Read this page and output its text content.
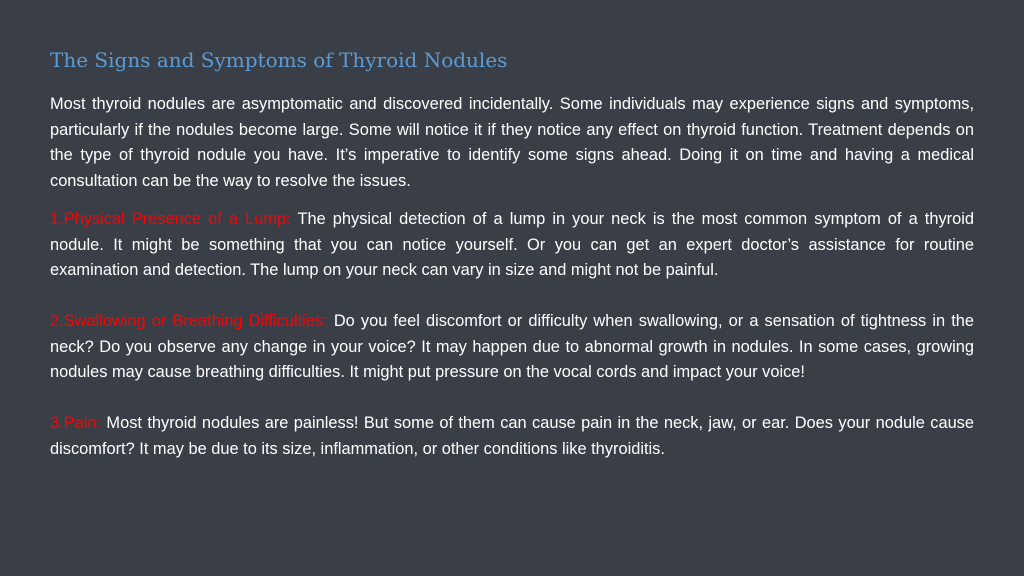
The Signs and Symptoms of Thyroid Nodules

Most thyroid nodules are asymptomatic and discovered incidentally. Some individuals may experience signs and symptoms, particularly if the nodules become large. Some will notice it if they notice any effect on thyroid function. Treatment depends on the type of thyroid nodule you have. It’s imperative to identify some signs ahead. Doing it on time and having a medical consultation can be the way to resolve the issues.

1.Physical Presence of a Lump: The physical detection of a lump in your neck is the most common symptom of a thyroid nodule. It might be something that you can notice yourself. Or you can get an expert doctor’s assistance for routine examination and detection. The lump on your neck can vary in size and might not be painful.

2.Swallowing or Breathing Difficulties: Do you feel discomfort or difficulty when swallowing, or a sensation of tightness in the neck? Do you observe any change in your voice? It may happen due to abnormal growth in nodules. In some cases, growing nodules may cause breathing difficulties. It might put pressure on the vocal cords and impact your voice!

3.Pain: Most thyroid nodules are painless! But some of them can cause pain in the neck, jaw, or ear. Does your nodule cause discomfort? It may be due to its size, inflammation, or other conditions like thyroiditis.
